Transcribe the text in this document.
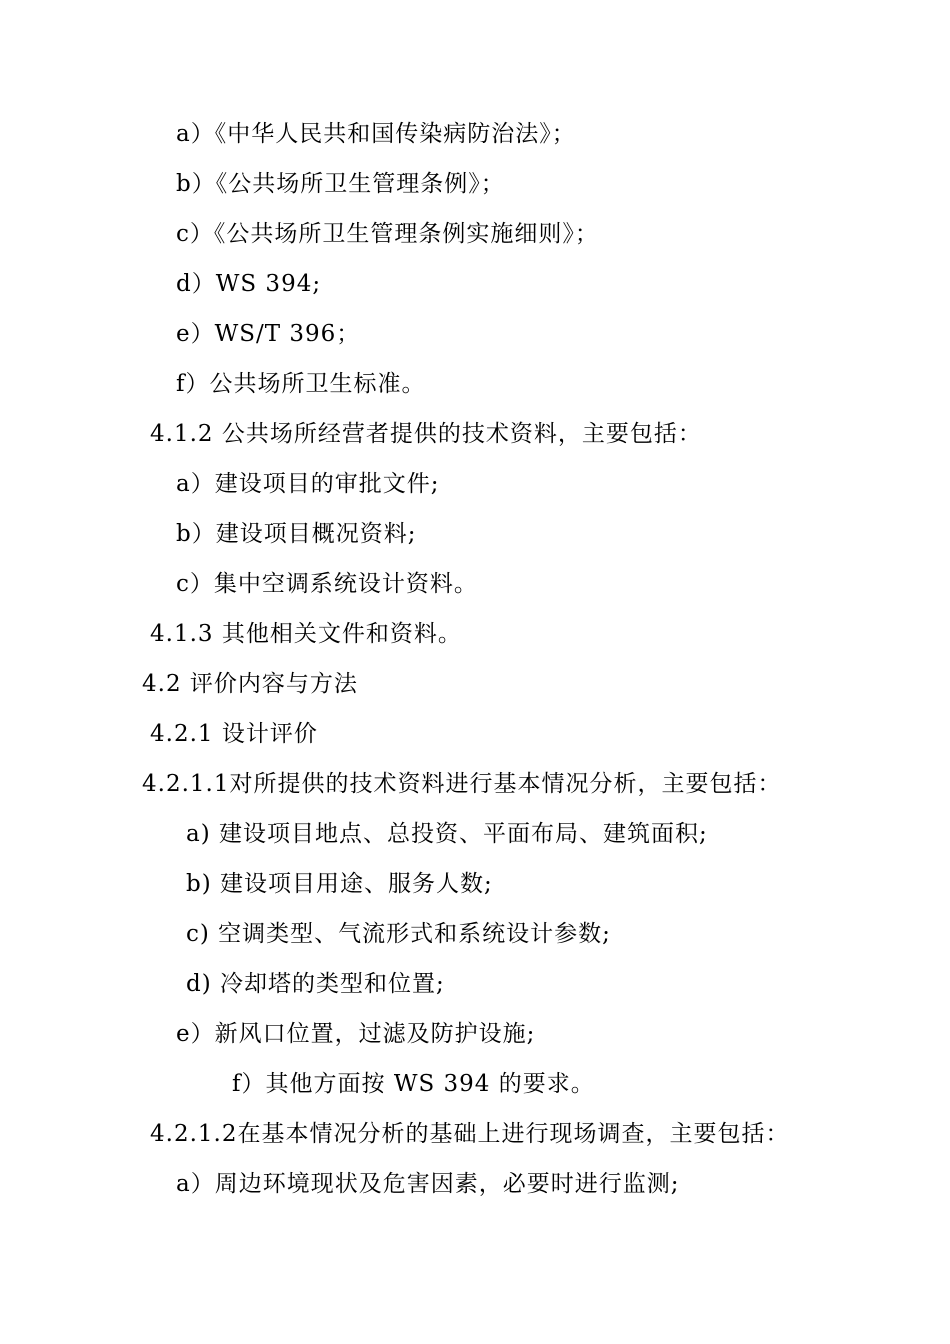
a）《中华人民共和国传染病防治法》；
b）《公共场所卫生管理条例》；
c）《公共场所卫生管理条例实施细则》；
d）WS 394;
e）WS/T 396；
f）公共场所卫生标准。
4.1.2 公共场所经营者提供的技术资料，主要包括：
a）建设项目的审批文件;
b）建设项目概况资料;
c）集中空调系统设计资料。
4.1.3 其他相关文件和资料。
4.2 评价内容与方法
4.2.1 设计评价
4.2.1.1对所提供的技术资料进行基本情况分析，主要包括：
a) 建设项目地点、总投资、平面布局、建筑面积;
b) 建设项目用途、服务人数;
c) 空调类型、气流形式和系统设计参数;
d) 冷却塔的类型和位置;
e）新风口位置，过滤及防护设施;
f）其他方面按 WS 394 的要求。
4.2.1.2在基本情况分析的基础上进行现场调查，主要包括：
a）周边环境现状及危害因素，必要时进行监测;
